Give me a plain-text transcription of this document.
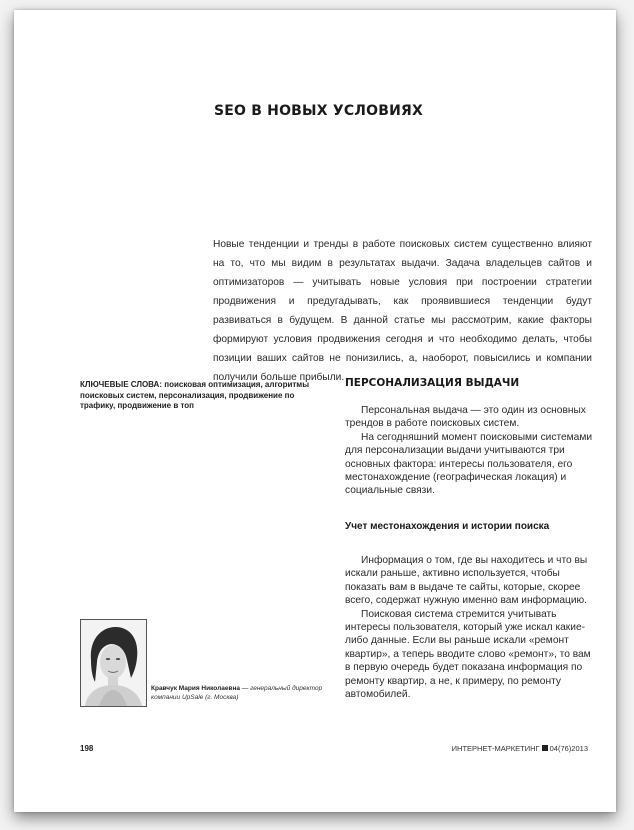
SEO В НОВЫХ УСЛОВИЯХ

Новые тенденции и тренды в работе поисковых систем существенно влияют на то, что мы видим в результатах выдачи. Задача владельцев сайтов и оптимизаторов — учитывать новые условия при построении стратегии продвижения и предугадывать, как проявившиеся тенденции будут развиваться в будущем. В данной статье мы рассмотрим, какие факторы формируют условия продвижения сегодня и что необходимо делать, чтобы позиции ваших сайтов не понизились, а, наоборот, повысились и компании получили больше прибыли.

КЛЮЧЕВЫЕ СЛОВА: поисковая оптимизация, алгоритмы поисковых систем, персонализация, продвижение по трафику, продвижение в топ

ПЕРСОНАЛИЗАЦИЯ ВЫДАЧИ

Персональная выдача — это один из основных трендов в работе поисковых систем.

На сегодняшний момент поисковыми системами для персонализации выдачи учитываются три основных фактора: интересы пользователя, его местонахождение (географическая локация) и социальные связи.

Учет местонахождения и истории поиска

Информация о том, где вы находитесь и что вы искали раньше, активно используется, чтобы показать вам в выдаче те сайты, которые, скорее всего, содержат нужную именно вам информацию.

Поисковая система стремится учитывать интересы пользователя, который уже искал какие-либо данные. Если вы раньше искали «ремонт квартир», а теперь вводите слово «ремонт», то вам в первую очередь будет показана информация по ремонту квартир, а не, к примеру, по ремонту автомобилей.

Кравчук Мария Николаевна — генеральный директор компании UpSale (г. Москва)

198	ИНТЕРНЕТ-МАРКЕТИНГ 04(76)2013
